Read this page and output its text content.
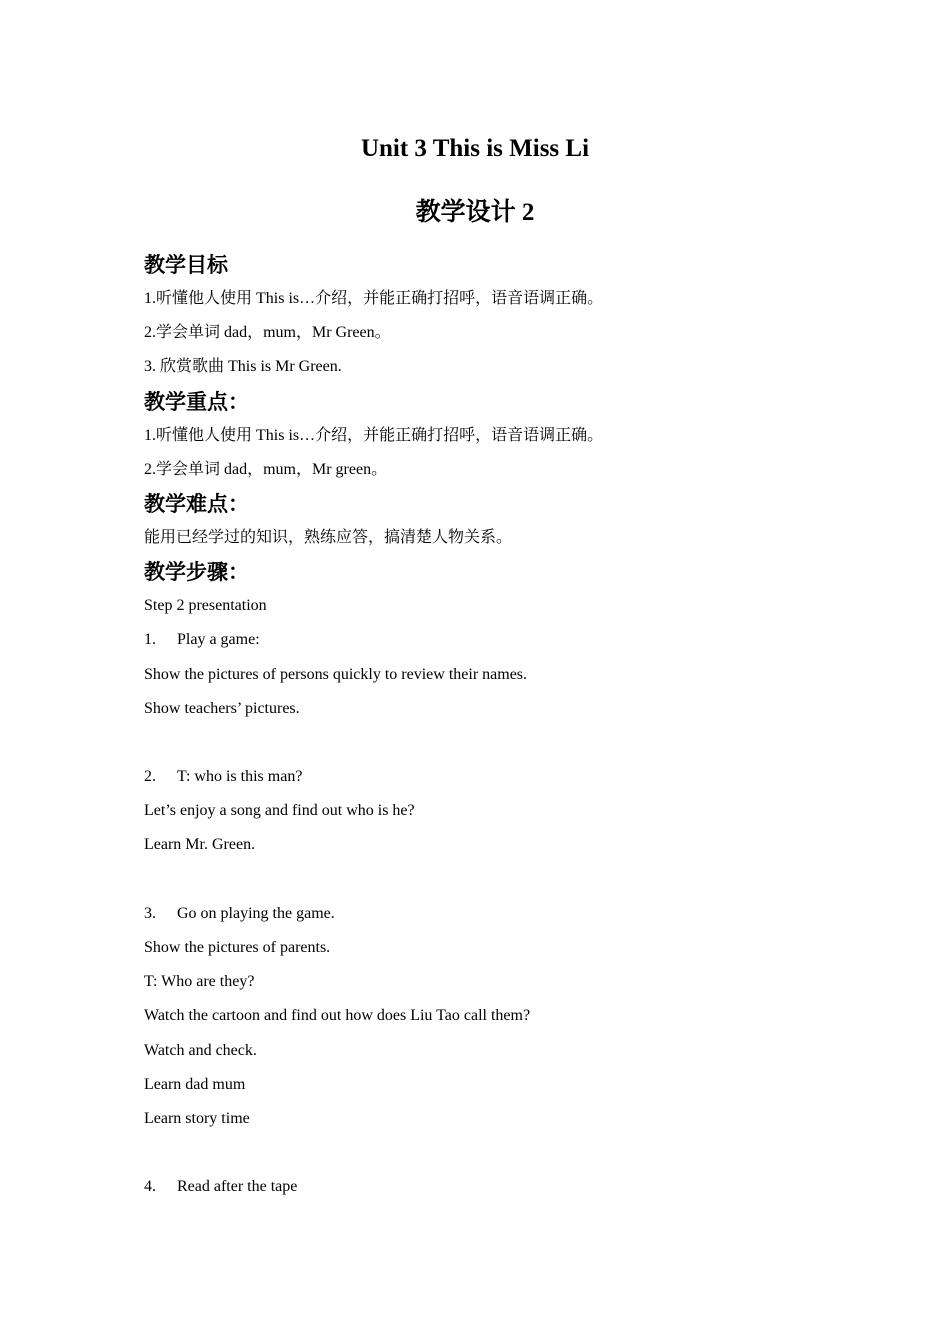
Unit 3 This is Miss Li
教学设计 2
教学目标
1.听懂他人使用 This is…介绍，并能正确打招呼，语音语调正确。
2.学会单词 dad，mum，Mr Green。
3. 欣赏歌曲 This is Mr Green.
教学重点：
1.听懂他人使用 This is…介绍，并能正确打招呼，语音语调正确。
2.学会单词 dad，mum，Mr green。
教学难点：
能用已经学过的知识，熟练应答，搞清楚人物关系。
教学步骤：
Step 2 presentation
1. Play a game:
Show the pictures of persons quickly to review their names.
Show teachers’ pictures.
2. T: who is this man?
Let’s enjoy a song and find out who is he?
Learn Mr. Green.
3. Go on playing the game.
Show the pictures of parents.
T: Who are they?
Watch the cartoon and find out how does Liu Tao call them?
Watch and check.
Learn dad mum
Learn story time
4. Read after the tape
